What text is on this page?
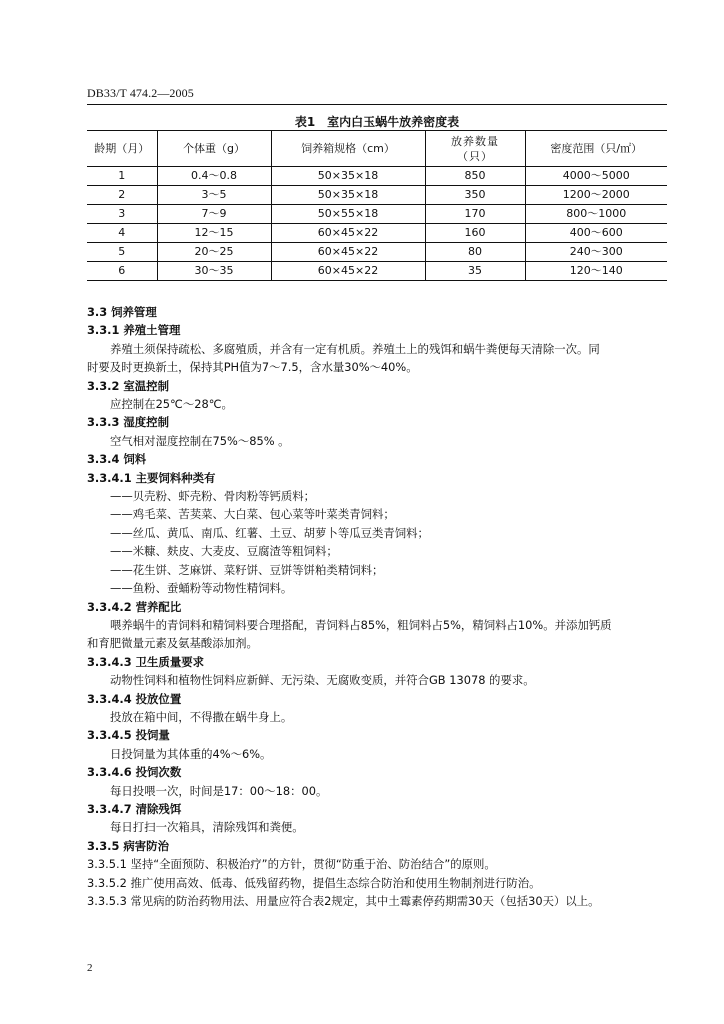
DB33/T 474.2—2005
表1　室内白玉蜗牛放养密度表
龄期（月）	个体重（g）	饲养箱规格（cm）	放养数量（只）	密度范围（只/㎡）
1	0.4～0.8	50×35×18	850	4000～5000
2	3～5	50×35×18	350	1200～2000
3	7～9	50×55×18	170	800～1000
4	12～15	60×45×22	160	400～600
5	20～25	60×45×22	80	240～300
6	30～35	60×45×22	35	120～140

3.3 饲养管理

3.3.1 养殖土管理

养殖土须保持疏松、多腐殖质，并含有一定有机质。养殖土上的残饵和蜗牛粪便每天清除一次。同

时要及时更换新土，保持其PH值为7～7.5，含水量30%～40%。

3.3.2 室温控制

应控制在25℃～28℃。

3.3.3 湿度控制

空气相对湿度控制在75%～85% 。

3.3.4 饲料

3.3.4.1 主要饲料种类有

——贝壳粉、虾壳粉、骨肉粉等钙质料；

——鸡毛菜、苦荬菜、大白菜、包心菜等叶菜类青饲料；

——丝瓜、黄瓜、南瓜、红薯、土豆、胡萝卜等瓜豆类青饲料；

——米糠、麸皮、大麦皮、豆腐渣等粗饲料；

——花生饼、芝麻饼、菜籽饼、豆饼等饼粕类精饲料；

——鱼粉、蚕蛹粉等动物性精饲料。

3.3.4.2 营养配比

喂养蜗牛的青饲料和精饲料要合理搭配，青饲料占85%，粗饲料占5%，精饲料占10%。并添加钙质

和育肥微量元素及氨基酸添加剂。

3.3.4.3 卫生质量要求

动物性饲料和植物性饲料应新鲜、无污染、无腐败变质，并符合GB 13078 的要求。

3.3.4.4 投放位置

投放在箱中间，不得撒在蜗牛身上。

3.3.4.5 投饲量

日投饲量为其体重的4%～6%。

3.3.4.6 投饲次数

每日投喂一次，时间是17：00～18：00。

3.3.4.7 清除残饵

每日打扫一次箱具，清除残饵和粪便。

3.3.5 病害防治

3.3.5.1 坚持“全面预防、积极治疗”的方针，贯彻“防重于治、防治结合”的原则。

3.3.5.2 推广使用高效、低毒、低残留药物，提倡生态综合防治和使用生物制剂进行防治。

3.3.5.3 常见病的防治药物用法、用量应符合表2规定，其中土霉素停药期需30天（包括30天）以上。

2
